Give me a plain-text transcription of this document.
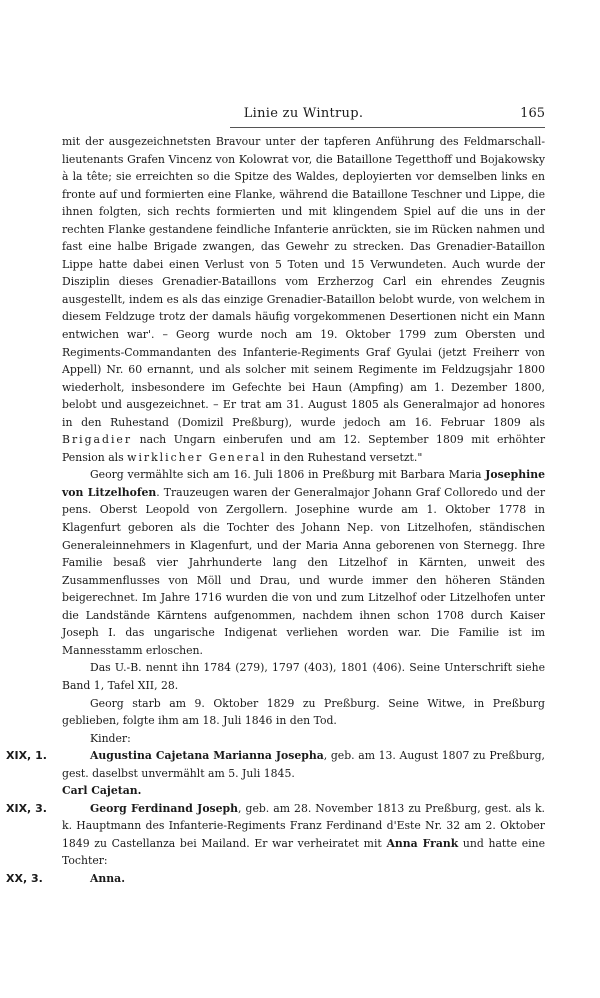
Linie zu Wintrup.	165

mit der ausgezeichnetsten Bravour unter der tapferen Anführung des Feldmarschall-lieutenants Grafen Vincenz von Kolowrat vor, die Bataillone Tegetthoff und Bojakowsky à la tête; sie erreichten so die Spitze des Waldes, deployierten vor demselben links en fronte auf und formierten eine Flanke, während die Bataillone Teschner und Lippe, die ihnen folgten, sich rechts formierten und mit klingendem Spiel auf die uns in der rechten Flanke gestandene feindliche Infanterie anrückten, sie im Rücken nahmen und fast eine halbe Brigade zwangen, das Gewehr zu strecken. Das Grenadier-Bataillon Lippe hatte dabei einen Verlust von 5 Toten und 15 Verwundeten. Auch wurde der Disziplin dieses Grenadier-Bataillons vom Erzherzog Carl ein ehrendes Zeugnis ausgestellt, indem es als das einzige Grenadier-Bataillon belobt wurde, von welchem in diesem Feldzuge trotz der damals häufig vorgekommenen Desertionen nicht ein Mann entwichen war'. – Georg wurde noch am 19. Oktober 1799 zum Obersten und Regiments-Commandanten des Infanterie-Regiments Graf Gyulai (jetzt Freiherr von Appell) Nr. 60 ernannt, und als solcher mit seinem Regimente im Feldzugsjahr 1800 wiederholt, insbesondere im Gefechte bei Haun (Ampfing) am 1. Dezember 1800, belobt und ausgezeichnet. – Er trat am 31. August 1805 als Generalmajor ad honores in den Ruhestand (Domizil Preßburg), wurde jedoch am 16. Februar 1809 als Brigadier nach Ungarn einberufen und am 12. September 1809 mit erhöhter Pension als wirklicher General in den Ruhestand versetzt."

Georg vermählte sich am 16. Juli 1806 in Preßburg mit Barbara Maria Josephine von Litzelhofen. Trauzeugen waren der Generalmajor Johann Graf Colloredo und der pens. Oberst Leopold von Zergollern. Josephine wurde am 1. Oktober 1778 in Klagenfurt geboren als die Tochter des Johann Nep. von Litzelhofen, ständischen Generaleinnehmers in Klagenfurt, und der Maria Anna geborenen von Sternegg. Ihre Familie besaß vier Jahrhunderte lang den Litzelhof in Kärnten, unweit des Zusammenflusses von Möll und Drau, und wurde immer den höheren Ständen beigerechnet. Im Jahre 1716 wurden die von und zum Litzelhof oder Litzelhofen unter die Landstände Kärntens aufgenommen, nachdem ihnen schon 1708 durch Kaiser Joseph I. das ungarische Indigenat verliehen worden war. Die Familie ist im Mannesstamm erloschen.

Das U.-B. nennt ihn 1784 (279), 1797 (403), 1801 (406). Seine Unterschrift siehe Band 1, Tafel XII, 28.

Georg starb am 9. Oktober 1829 zu Preßburg. Seine Witwe, in Preßburg geblieben, folgte ihm am 18. Juli 1846 in den Tod.

Kinder:

XIX, 1.	Augustina Cajetana Marianna Josepha, geb. am 13. August 1807 zu Preßburg, gest. daselbst unvermählt am 5. Juli 1845.

Carl Cajetan.

XIX, 3.	Georg Ferdinand Joseph, geb. am 28. November 1813 zu Preßburg, gest. als k. k. Hauptmann des Infanterie-Regiments Franz Ferdinand d'Este Nr. 32 am 2. Oktober 1849 zu Castellanza bei Mailand. Er war verheiratet mit Anna Frank und hatte eine Tochter:

XX, 3.	Anna.
